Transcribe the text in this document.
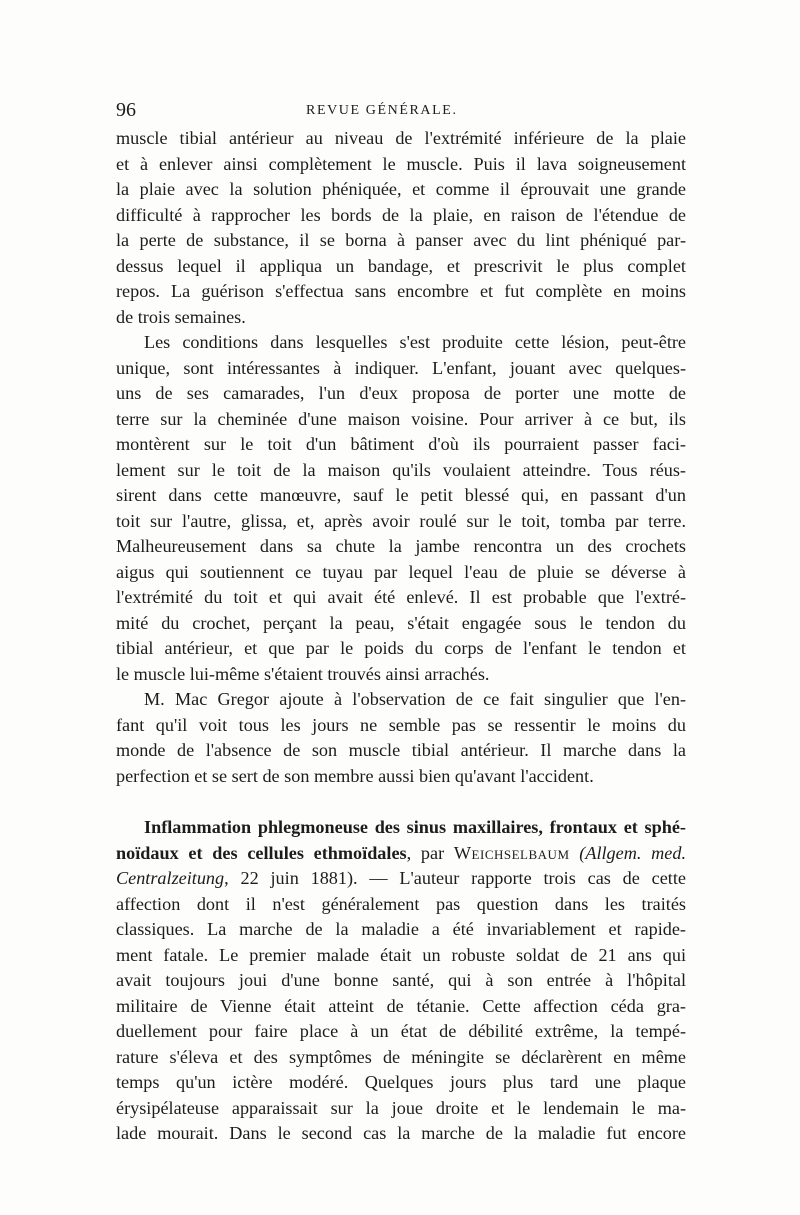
96	REVUE GÉNÉRALE.
muscle tibial antérieur au niveau de l'extrémité inférieure de la plaie
et à enlever ainsi complètement le muscle. Puis il lava soigneusement
la plaie avec la solution phéniquée, et comme il éprouvait une grande
difficulté à rapprocher les bords de la plaie, en raison de l'étendue de
la perte de substance, il se borna à panser avec du lint phéniqué par-
dessus lequel il appliqua un bandage, et prescrivit le plus complet
repos. La guérison s'effectua sans encombre et fut complète en moins
de trois semaines.
Les conditions dans lesquelles s'est produite cette lésion, peut-être
unique, sont intéressantes à indiquer. L'enfant, jouant avec quelques-
uns de ses camarades, l'un d'eux proposa de porter une motte de
terre sur la cheminée d'une maison voisine. Pour arriver à ce but, ils
montèrent sur le toit d'un bâtiment d'où ils pourraient passer faci-
lement sur le toit de la maison qu'ils voulaient atteindre. Tous réus-
sirent dans cette manœuvre, sauf le petit blessé qui, en passant d'un
toit sur l'autre, glissa, et, après avoir roulé sur le toit, tomba par terre.
Malheureusement dans sa chute la jambe rencontra un des crochets
aigus qui soutiennent ce tuyau par lequel l'eau de pluie se déverse à
l'extrémité du toit et qui avait été enlevé. Il est probable que l'extré-
mité du crochet, perçant la peau, s'était engagée sous le tendon du
tibial antérieur, et que par le poids du corps de l'enfant le tendon et
le muscle lui-même s'étaient trouvés ainsi arrachés.
M. Mac Gregor ajoute à l'observation de ce fait singulier que l'en-
fant qu'il voit tous les jours ne semble pas se ressentir le moins du
monde de l'absence de son muscle tibial antérieur. Il marche dans la
perfection et se sert de son membre aussi bien qu'avant l'accident.
Inflammation phlegmoneuse des sinus maxillaires, frontaux et sphé-
noïdaux et des cellules ethmoïdales, par Weichselbaum (Allgem. med.
Centralzeitung, 22 juin 1881). — L'auteur rapporte trois cas de cette
affection dont il n'est généralement pas question dans les traités
classiques. La marche de la maladie a été invariablement et rapide-
ment fatale. Le premier malade était un robuste soldat de 21 ans qui
avait toujours joui d'une bonne santé, qui à son entrée à l'hôpital
militaire de Vienne était atteint de tétanie. Cette affection céda gra-
duellement pour faire place à un état de débilité extrême, la tempé-
rature s'éleva et des symptômes de méningite se déclarèrent en même
temps qu'un ictère modéré. Quelques jours plus tard une plaque
érysipélateuse apparaissait sur la joue droite et le lendemain le ma-
lade mourait. Dans le second cas la marche de la maladie fut encore
